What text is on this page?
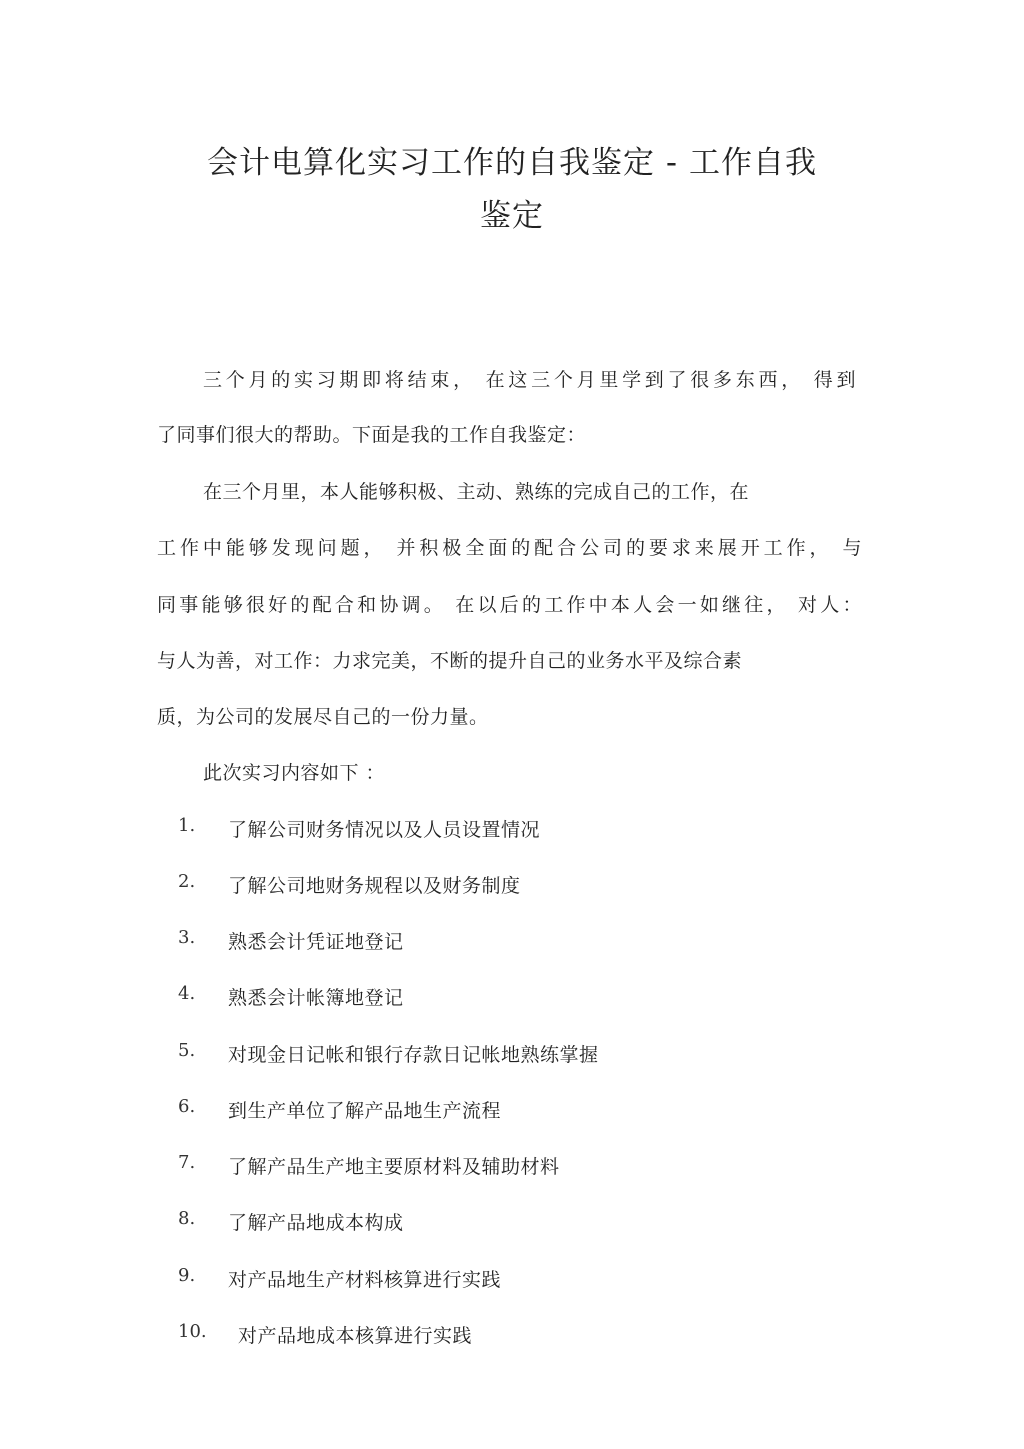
会计电算化实习工作的自我鉴定 - 工作自我
鉴定
三个月的实习期即将结束， 在这三个月里学到了很多东西， 得到
了同事们很大的帮助。下面是我的工作自我鉴定：
在三个月里，本人能够积极、主动、熟练的完成自己的工作，在
工作中能够发现问题， 并积极全面的配合公司的要求来展开工作， 与
同事能够很好的配合和协调。 在以后的工作中本人会一如继往， 对人：
与人为善，对工作：力求完美，不断的提升自己的业务水平及综合素
质，为公司的发展尽自己的一份力量。
此次实习内容如下 ：
1. 了解公司财务情况以及人员设置情况
2. 了解公司地财务规程以及财务制度
3. 熟悉会计凭证地登记
4. 熟悉会计帐簿地登记
5. 对现金日记帐和银行存款日记帐地熟练掌握
6. 到生产单位了解产品地生产流程
7. 了解产品生产地主要原材料及辅助材料
8. 了解产品地成本构成
9. 对产品地生产材料核算进行实践
10. 对产品地成本核算进行实践
